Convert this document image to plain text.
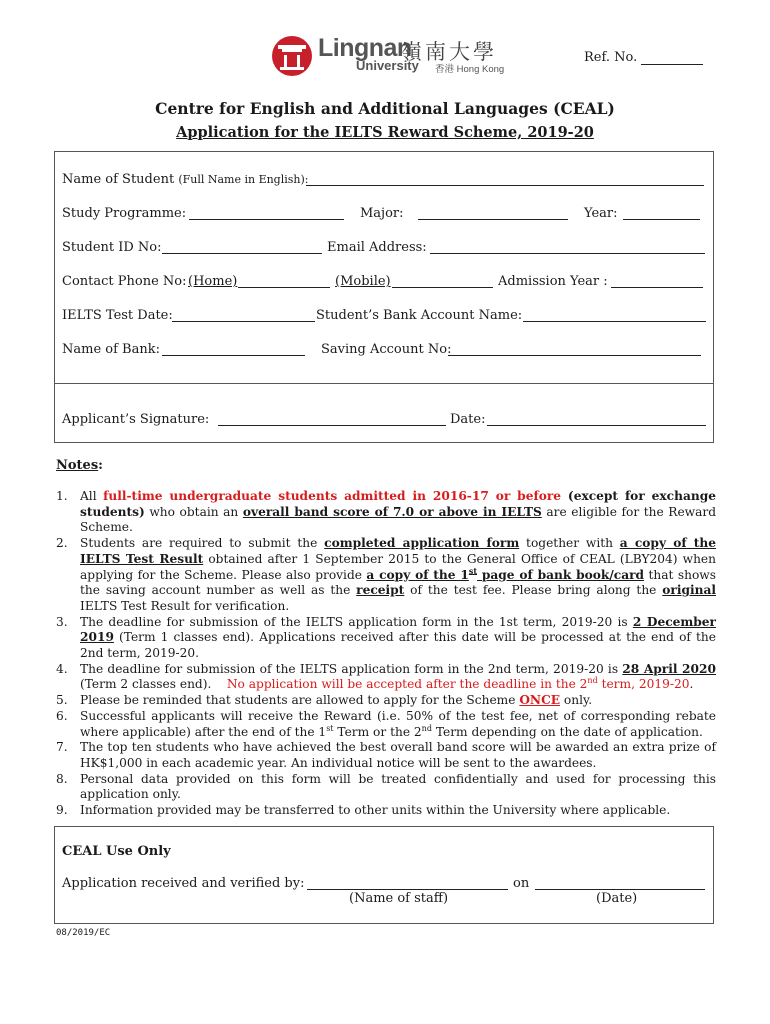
Lingnan
嶺南大學
University 香港 Hong Kong
Ref. No.
Centre for English and Additional Languages (CEAL)
Application for the IELTS Reward Scheme, 2019-20
Name of Student (Full Name in English):
Study Programme:	Major:	Year:
Student ID No:	Email Address:
Contact Phone No: (Home)	(Mobile)	Admission Year :
IELTS Test Date:	Student’s Bank Account Name:
Name of Bank:	Saving Account No:
Applicant’s Signature:	Date:
Notes:
1. All full-time undergraduate students admitted in 2016-17 or before (except for exchange students) who obtain an overall band score of 7.0 or above in IELTS are eligible for the Reward Scheme.
2. Students are required to submit the completed application form together with a copy of the IELTS Test Result obtained after 1 September 2015 to the General Office of CEAL (LBY204) when applying for the Scheme. Please also provide a copy of the 1st page of bank book/card that shows the saving account number as well as the receipt of the test fee. Please bring along the original IELTS Test Result for verification.
3. The deadline for submission of the IELTS application form in the 1st term, 2019-20 is 2 December 2019 (Term 1 classes end). Applications received after this date will be processed at the end of the 2nd term, 2019-20.
4. The deadline for submission of the IELTS application form in the 2nd term, 2019-20 is 28 April 2020 (Term 2 classes end). No application will be accepted after the deadline in the 2nd term, 2019-20.
5. Please be reminded that students are allowed to apply for the Scheme ONCE only.
6. Successful applicants will receive the Reward (i.e. 50% of the test fee, net of corresponding rebate where applicable) after the end of the 1st Term or the 2nd Term depending on the date of application.
7. The top ten students who have achieved the best overall band score will be awarded an extra prize of HK$1,000 in each academic year. An individual notice will be sent to the awardees.
8. Personal data provided on this form will be treated confidentially and used for processing this application only.
9. Information provided may be transferred to other units within the University where applicable.
CEAL Use Only
Application received and verified by:	on
(Name of staff)	(Date)
08/2019/EC
